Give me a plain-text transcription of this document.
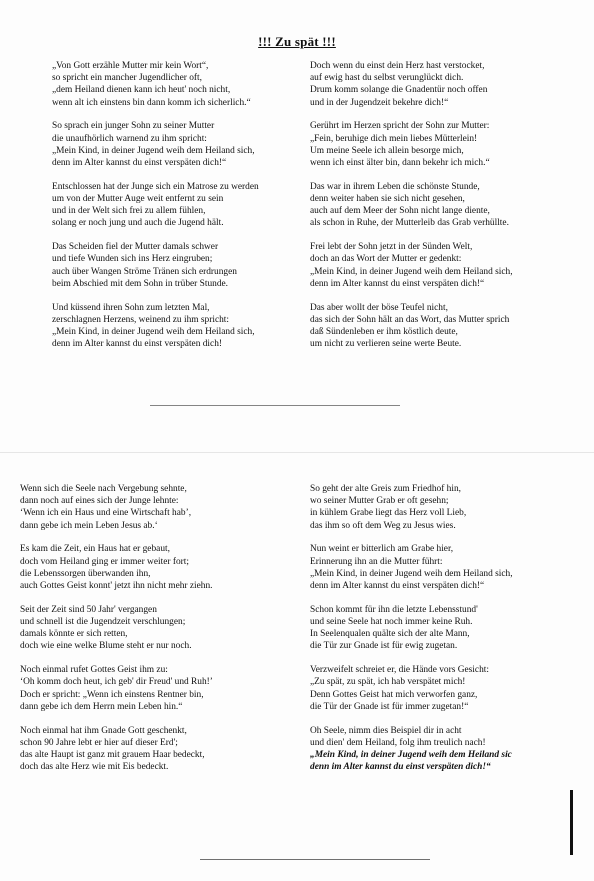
!!! Zu spät !!!

„Von Gott erzähle Mutter mir kein Wort“,
so spricht ein mancher Jugendlicher oft,
„dem Heiland dienen kann ich heut' noch nicht,
wenn alt ich einstens bin dann komm ich sicherlich.“

So sprach ein junger Sohn zu seiner Mutter
die unaufhörlich warnend zu ihm spricht:
„Mein Kind, in deiner Jugend weih dem Heiland sich,
denn im Alter kannst du einst verspäten dich!“

Entschlossen hat der Junge sich ein Matrose zu werden
um von der Mutter Auge weit entfernt zu sein
und in der Welt sich frei zu allem fühlen,
solang er noch jung und auch die Jugend hält.

Das Scheiden fiel der Mutter damals schwer
und tiefe Wunden sich ins Herz eingruben;
auch über Wangen Ströme Tränen sich erdrungen
beim Abschied mit dem Sohn in trüber Stunde.

Und küssend ihren Sohn zum letzten Mal,
zerschlagnen Herzens, weinend zu ihm spricht:
„Mein Kind, in deiner Jugend weih dem Heiland sich,
denn im Alter kannst du einst verspäten dich!

Doch wenn du einst dein Herz hast verstocket,
auf ewig hast du selbst verunglückt dich.
Drum komm solange die Gnadentür noch offen
und in der Jugendzeit bekehre dich!“

Gerührt im Herzen spricht der Sohn zur Mutter:
„Fein, beruhige dich mein liebes Mütterlein!
Um meine Seele ich allein besorge mich,
wenn ich einst älter bin, dann bekehr ich mich.“

Das war in ihrem Leben die schönste Stunde,
denn weiter haben sie sich nicht gesehen,
auch auf dem Meer der Sohn nicht lange diente,
als schon in Ruhe, der Mutterleib das Grab verhüllte.

Frei lebt der Sohn jetzt in der Sünden Welt,
doch an das Wort der Mutter er gedenkt:
„Mein Kind, in deiner Jugend weih dem Heiland sich,
denn im Alter kannst du einst verspäten dich!“

Das aber wollt der böse Teufel nicht,
das sich der Sohn hält an das Wort, das Mutter sprich
daß Sündenleben er ihm köstlich deute,
um nicht zu verlieren seine werte Beute.

Wenn sich die Seele nach Vergebung sehnte,
dann noch auf eines sich der Junge lehnte:
‘Wenn ich ein Haus und eine Wirtschaft hab’,
dann gebe ich mein Leben Jesus ab.‘

Es kam die Zeit, ein Haus hat er gebaut,
doch vom Heiland ging er immer weiter fort;
die Lebenssorgen überwanden ihn,
auch Gottes Geist konnt' jetzt ihn nicht mehr ziehn.

Seit der Zeit sind 50 Jahr' vergangen
und schnell ist die Jugendzeit verschlungen;
damals könnte er sich retten,
doch wie eine welke Blume steht er nur noch.

Noch einmal rufet Gottes Geist ihm zu:
‘Oh komm doch heut, ich geb' dir Freud' und Ruh!’
Doch er spricht: „Wenn ich einstens Rentner bin,
dann gebe ich dem Herrn mein Leben hin.“

Noch einmal hat ihm Gnade Gott geschenkt,
schon 90 Jahre lebt er hier auf dieser Erd';
das alte Haupt ist ganz mit grauem Haar bedeckt,
doch das alte Herz wie mit Eis bedeckt.

So geht der alte Greis zum Friedhof hin,
wo seiner Mutter Grab er oft gesehn;
in kühlem Grabe liegt das Herz voll Lieb,
das ihm so oft dem Weg zu Jesus wies.

Nun weint er bitterlich am Grabe hier,
Erinnerung ihn an die Mutter führt:
„Mein Kind, in deiner Jugend weih dem Heiland sich,
denn im Alter kannst du einst verspäten dich!“

Schon kommt für ihn die letzte Lebensstund'
und seine Seele hat noch immer keine Ruh.
In Seelenqualen quälte sich der alte Mann,
die Tür zur Gnade ist für ewig zugetan.

Verzweifelt schreiet er, die Hände vors Gesicht:
„Zu spät, zu spät, ich hab verspätet mich!
Denn Gottes Geist hat mich verworfen ganz,
die Tür der Gnade ist für immer zugetan!“

Oh Seele, nimm dies Beispiel dir in acht
und dien' dem Heiland, folg ihm treulich nach!
„Mein Kind, in deiner Jugend weih dem Heiland sic
denn im Alter kannst du einst verspäten dich!“
